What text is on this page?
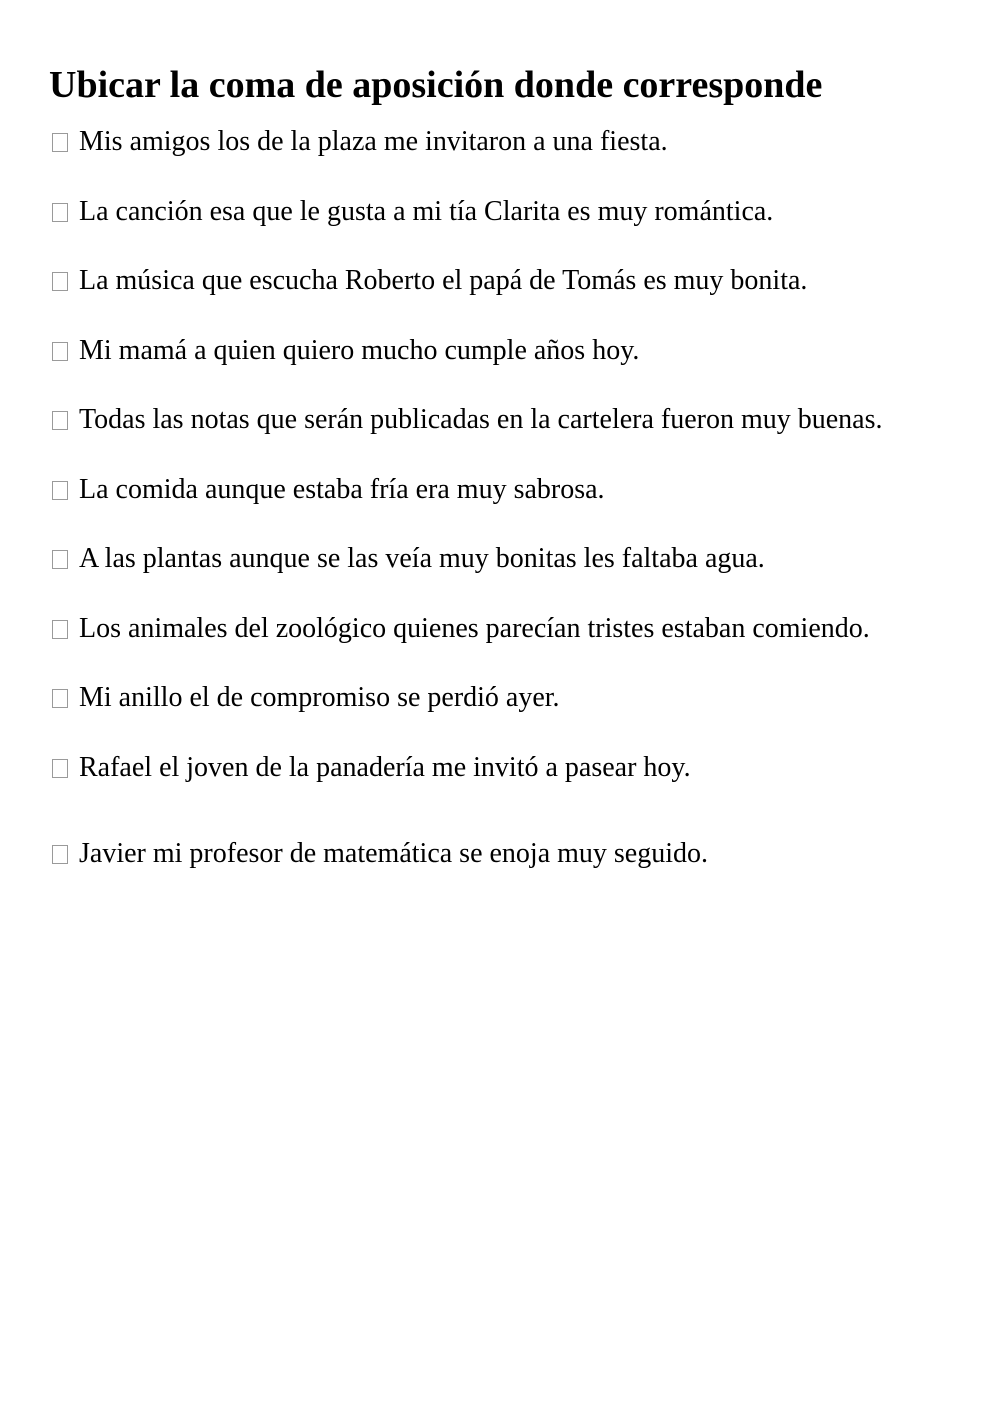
Ubicar la coma de aposición donde corresponde
Mis amigos los de la plaza me invitaron a una fiesta.
La canción esa que le gusta a mi tía Clarita es muy romántica.
La música que escucha Roberto el papá de Tomás es muy bonita.
Mi mamá a quien quiero mucho cumple años hoy.
Todas las notas que serán publicadas en la cartelera fueron muy buenas.
La comida aunque estaba fría era muy sabrosa.
A las plantas aunque se las veía muy bonitas les faltaba agua.
Los animales del zoológico quienes parecían tristes estaban comiendo.
Mi anillo el de compromiso se perdió ayer.
Rafael el joven de la panadería me invitó a pasear hoy.
Javier mi profesor de matemática se enoja muy seguido.
